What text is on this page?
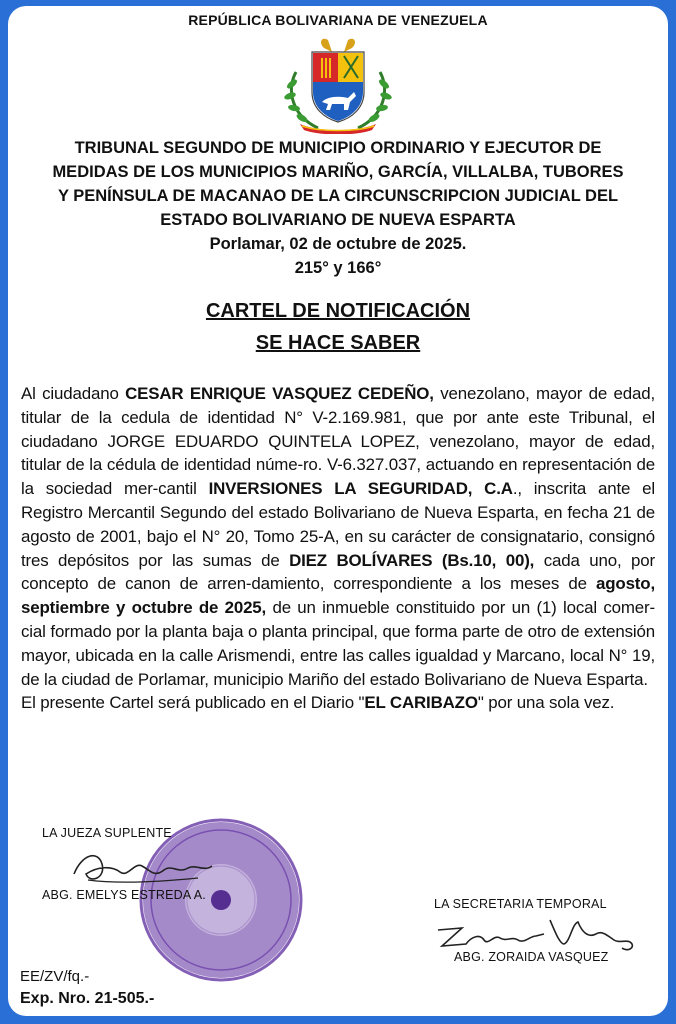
REPÚBLICA BOLIVARIANA DE VENEZUELA
TRIBUNAL SEGUNDO DE MUNICIPIO ORDINARIO Y EJECUTOR DE
MEDIDAS DE LOS MUNICIPIOS MARIÑO, GARCÍA, VILLALBA, TUBORES
Y PENÍNSULA DE MACANAO DE LA CIRCUNSCRIPCION JUDICIAL DEL
ESTADO BOLIVARIANO DE NUEVA ESPARTA
Porlamar, 02 de octubre de 2025.
215° y 166°
CARTEL DE NOTIFICACIÓN
SE HACE SABER

Al ciudadano CESAR ENRIQUE VASQUEZ CEDEÑO, venezolano, mayor de edad, titular de la cedula de identidad N° V-2.169.981, que por ante este Tribunal, el ciudadano JORGE EDUARDO QUINTELA LOPEZ, venezolano, mayor de edad, titular de la cédula de identidad núme-ro. V-6.327.037, actuando en representación de la sociedad mer-cantil INVERSIONES LA SEGURIDAD, C.A., inscrita ante el Registro Mercantil Segundo del estado Bolivariano de Nueva Esparta, en fecha 21 de agosto de 2001, bajo el N° 20, Tomo 25-A, en su carácter de consignatario, consignó tres depósitos por las sumas de DIEZ BOLÍVARES (Bs.10, 00), cada uno, por concepto de canon de arren-damiento, correspondiente a los meses de agosto, septiembre y octubre de 2025, de un inmueble constituido por un (1) local comer-cial formado por la planta baja o planta principal, que forma parte de otro de extensión mayor, ubicada en la calle Arismendi, entre las calles igualdad y Marcano, local N° 19, de la ciudad de Porlamar, municipio Mariño del estado Bolivariano de Nueva Esparta.

El presente Cartel será publicado en el Diario "EL CARIBAZO" por una sola vez.

LA JUEZA SUPLENTE
ABG. EMELYS ESTREDA A.
LA SECRETARIA TEMPORAL
ABG. ZORAIDA VASQUEZ
EE/ZV/fq.-
Exp. Nro. 21-505.-
